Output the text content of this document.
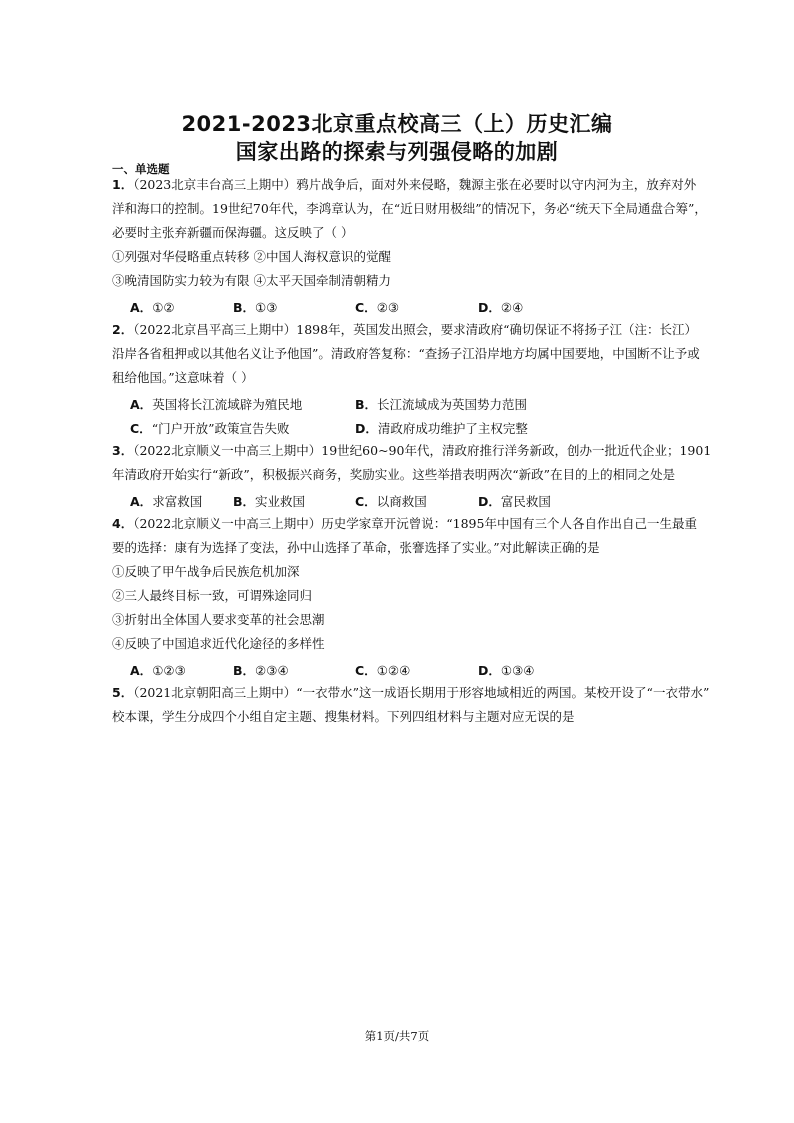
2021-2023北京重点校高三（上）历史汇编
国家出路的探索与列强侵略的加剧
一、单选题
1．（2023北京丰台高三上期中）鸦片战争后，面对外来侵略，魏源主张在必要时以守内河为主，放弃对外
洋和海口的控制。19世纪70年代，李鸿章认为，在“近日财用极绌”的情况下，务必“统天下全局通盘合筹”，
必要时主张弃新疆而保海疆。这反映了（ ）
①列强对华侵略重点转移 ②中国人海权意识的觉醒
③晚清国防实力较为有限 ④太平天国牵制清朝精力
A．①②	B．①③	C．②③	D．②④
2．（2022北京昌平高三上期中）1898年，英国发出照会，要求清政府“确切保证不将扬子江（注：长江）
沿岸各省租押或以其他名义让予他国”。清政府答复称：“查扬子江沿岸地方均属中国要地，中国断不让予或
租给他国。”这意味着（ ）
A．英国将长江流域辟为殖民地	B．长江流域成为英国势力范围
C．“门户开放”政策宣告失败	D．清政府成功维护了主权完整
3．（2022北京顺义一中高三上期中）19世纪60~90年代，清政府推行洋务新政，创办一批近代企业；1901
年清政府开始实行“新政”，积极振兴商务，奖励实业。这些举措表明两次“新政”在目的上的相同之处是
A．求富救国 B．实业救国	C．以商救国	D．富民救国
4．（2022北京顺义一中高三上期中）历史学家章开沅曾说：“1895年中国有三个人各自作出自己一生最重
要的选择：康有为选择了变法，孙中山选择了革命，张謇选择了实业。”对此解读正确的是
①反映了甲午战争后民族危机加深
②三人最终目标一致，可谓殊途同归
③折射出全体国人要求变革的社会思潮
④反映了中国追求近代化途径的多样性
A．①②③	B．②③④	C．①②④	D．①③④
5．（2021北京朝阳高三上期中）“一衣带水”这一成语长期用于形容地域相近的两国。某校开设了“一衣带水”
校本课，学生分成四个小组自定主题、搜集材料。下列四组材料与主题对应无误的是
第1页/共7页
